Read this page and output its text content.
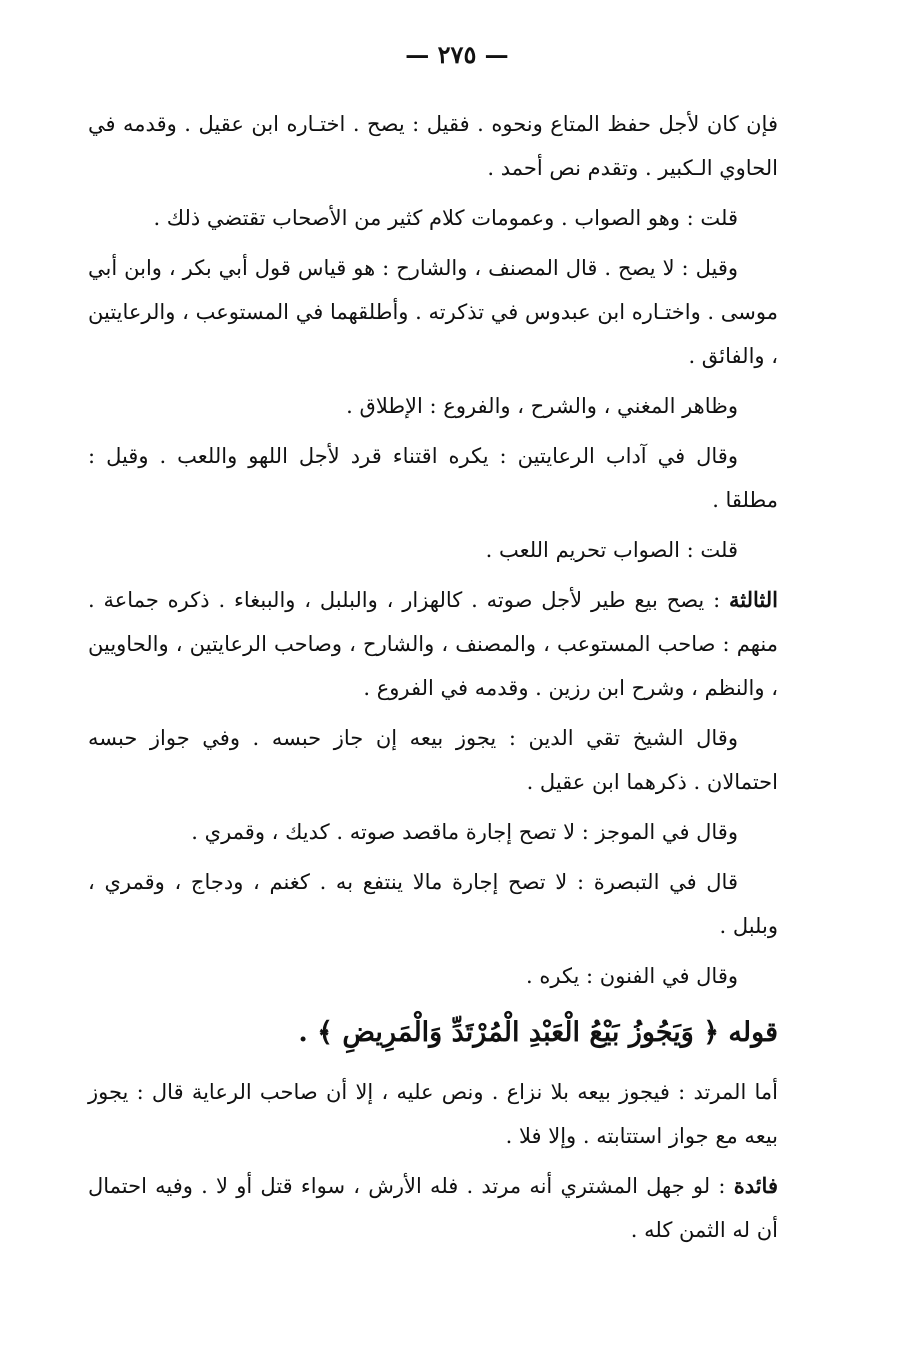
— ٢٧٥ —
فإن كان لأجل حفظ المتاع ونحوه . فقيل : يصح . اختـاره ابن عقيل . وقدمه في الحاوي الـكبير . وتقدم نص أحمد .
قلت : وهو الصواب . وعمومات كلام كثير من الأصحاب تقتضي ذلك .
وقيل : لا يصح . قال المصنف ، والشارح : هو قياس قول أبي بكر ، وابن أبي موسى . واختـاره ابن عبدوس في تذكرته . وأطلقهما في المستوعب ، والرعايتين ، والفائق .
وظاهر المغني ، والشرح ، والفروع : الإطلاق .
وقال في آداب الرعايتين : يكره اقتناء قرد لأجل اللهو واللعب . وقيل : مطلقا .
قلت : الصواب تحريم اللعب .
الثالثة : يصح بيع طير لأجل صوته . كالهزار ، والبلبل ، والببغاء . ذكره جماعة . منهم : صاحب المستوعب ، والمصنف ، والشارح ، وصاحب الرعايتين ، والحاويين ، والنظم ، وشرح ابن رزين . وقدمه في الفروع .
وقال الشيخ تقي الدين : يجوز بيعه إن جاز حبسه . وفي جواز حبسه احتمالان . ذكرهما ابن عقيل .
وقال في الموجز : لا تصح إجارة ماقصد صوته . كديك ، وقمري .
قال في التبصرة : لا تصح إجارة مالا ينتفع به . كغنم ، ودجاج ، وقمري ، وبلبل .
وقال في الفنون : يكره .
قوله ﴿ وَيَجُوزُ بَيْعُ الْعَبْدِ الْمُرْتَدِّ وَالْمَرِيضِ ﴾ .
أما المرتد : فيجوز بيعه بلا نزاع . ونص عليه ، إلا أن صاحب الرعاية قال : يجوز بيعه مع جواز استتابته . وإلا فلا .
فائدة : لو جهل المشتري أنه مرتد . فله الأرش ، سواء قتل أو لا . وفيه احتمال أن له الثمن كله .
